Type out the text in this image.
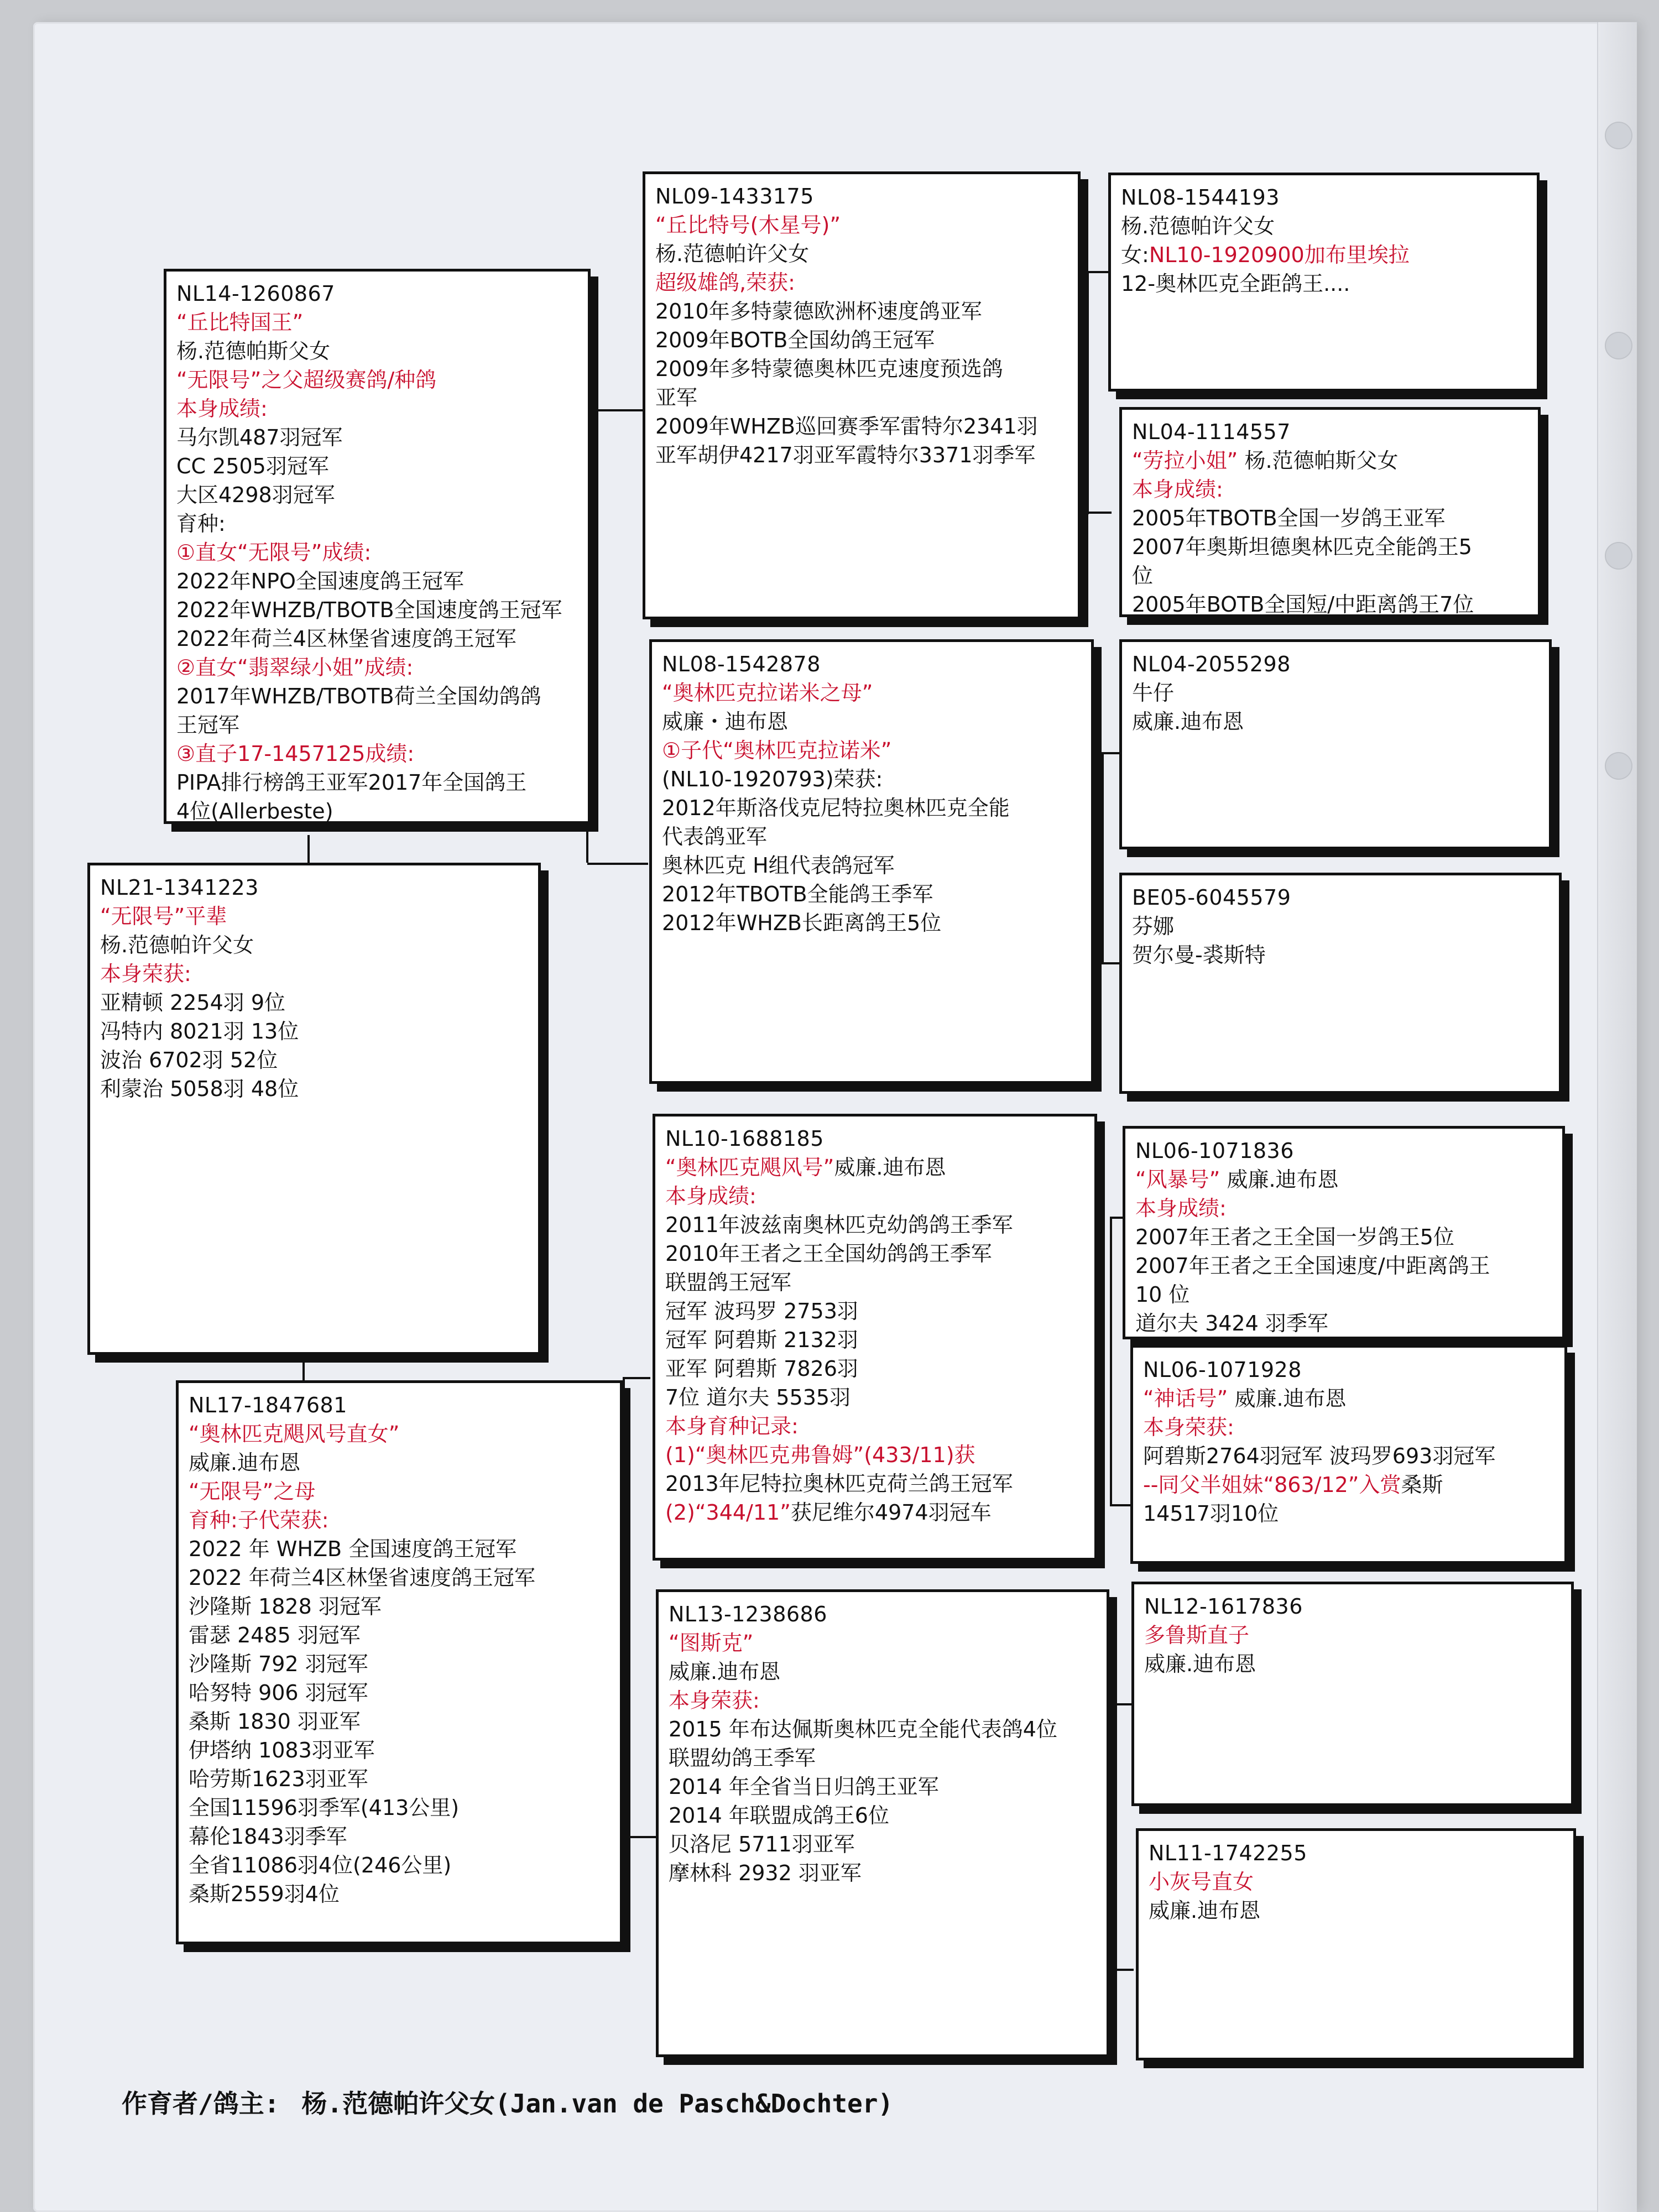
NL14-1260867
“丘比特国王”
杨.范德帕斯父女
“无限号”之父超级赛鸽/种鸽
本身成绩:
马尔凯487羽冠军
CC 2505羽冠军
大区4298羽冠军
育种:
①直女“无限号”成绩:
2022年NPO全国速度鸽王冠军
2022年WHZB/TBOTB全国速度鸽王冠军
2022年荷兰4区林堡省速度鸽王冠军
②直女“翡翠绿小姐”成绩:
2017年WHZB/TBOTB荷兰全国幼鸽鸽
王冠军
③直子17-1457125成绩:
PIPA排行榜鸽王亚军2017年全国鸽王
4位(Allerbeste)
NL21-1341223
“无限号”平辈
杨.范德帕许父女
本身荣获:
亚精顿 2254羽 9位
冯特内 8021羽 13位
波治 6702羽 52位
利蒙治 5058羽 48位
NL17-1847681
“奥林匹克飓风号直女”
威廉.迪布恩
“无限号”之母
育种:子代荣获:
2022 年 WHZB 全国速度鸽王冠军
2022 年荷兰4区林堡省速度鸽王冠军
沙隆斯 1828 羽冠军
雷瑟 2485 羽冠军
沙隆斯 792 羽冠军
哈努特 906 羽冠军
桑斯 1830 羽亚军
伊塔纳 1083羽亚军
哈劳斯1623羽亚军
全国11596羽季军(413公里)
幕伦1843羽季军
全省11086羽4位(246公里)
桑斯2559羽4位
NL09-1433175
“丘比特号(木星号)”
杨.范德帕许父女
超级雄鸽,荣获:
2010年多特蒙德欧洲杯速度鸽亚军
2009年BOTB全国幼鸽王冠军
2009年多特蒙德奥林匹克速度预选鸽
亚军
2009年WHZB巡回赛季军雷特尔2341羽
亚军胡伊4217羽亚军霞特尔3371羽季军
NL08-1542878
“奥林匹克拉诺米之母”
威廉・迪布恩
①子代“奥林匹克拉诺米”
(NL10-1920793)荣获:
2012年斯洛伐克尼特拉奥林匹克全能
代表鸽亚军
奥林匹克 H组代表鸽冠军
2012年TBOTB全能鸽王季军
2012年WHZB长距离鸽王5位
NL10-1688185
“奥林匹克飓风号”威廉.迪布恩
本身成绩:
2011年波兹南奥林匹克幼鸽鸽王季军
2010年王者之王全国幼鸽鸽王季军
联盟鸽王冠军
冠军 波玛罗 2753羽
冠军 阿碧斯 2132羽
亚军 阿碧斯 7826羽
7位 道尔夫 5535羽
本身育种记录:
(1)“奥林匹克弗鲁姆”(433/11)获
2013年尼特拉奥林匹克荷兰鸽王冠军
(2)“344/11”获尼维尔4974羽冠车
NL13-1238686
“图斯克”
威廉.迪布恩
本身荣获:
2015 年布达佩斯奥林匹克全能代表鸽4位
联盟幼鸽王季军
2014 年全省当日归鸽王亚军
2014 年联盟成鸽王6位
贝洛尼 5711羽亚军
摩林科 2932 羽亚军
NL08-1544193
杨.范德帕许父女
女:NL10-1920900加布里埃拉
12-奥林匹克全距鸽王....
NL04-1114557
“劳拉小姐” 杨.范德帕斯父女
本身成绩:
2005年TBOTB全国一岁鸽王亚军
2007年奥斯坦德奥林匹克全能鸽王5
位
2005年BOTB全国短/中距离鸽王7位
NL04-2055298
牛仔
威廉.迪布恩
BE05-6045579
芬娜
贺尔曼-裘斯特
NL06-1071836
“风暴号” 威廉.迪布恩
本身成绩:
2007年王者之王全国一岁鸽王5位
2007年王者之王全国速度/中距离鸽王
10 位
道尔夫 3424 羽季军
NL06-1071928
“神话号” 威廉.迪布恩
本身荣获:
阿碧斯2764羽冠军 波玛罗693羽冠军
--同父半姐妹“863/12”入赏桑斯
14517羽10位
NL12-1617836
多鲁斯直子
威廉.迪布恩
NL11-1742255
小灰号直女
威廉.迪布恩
作育者/鸽主: 杨.范德帕许父女(Jan.van de Pasch&Dochter)
